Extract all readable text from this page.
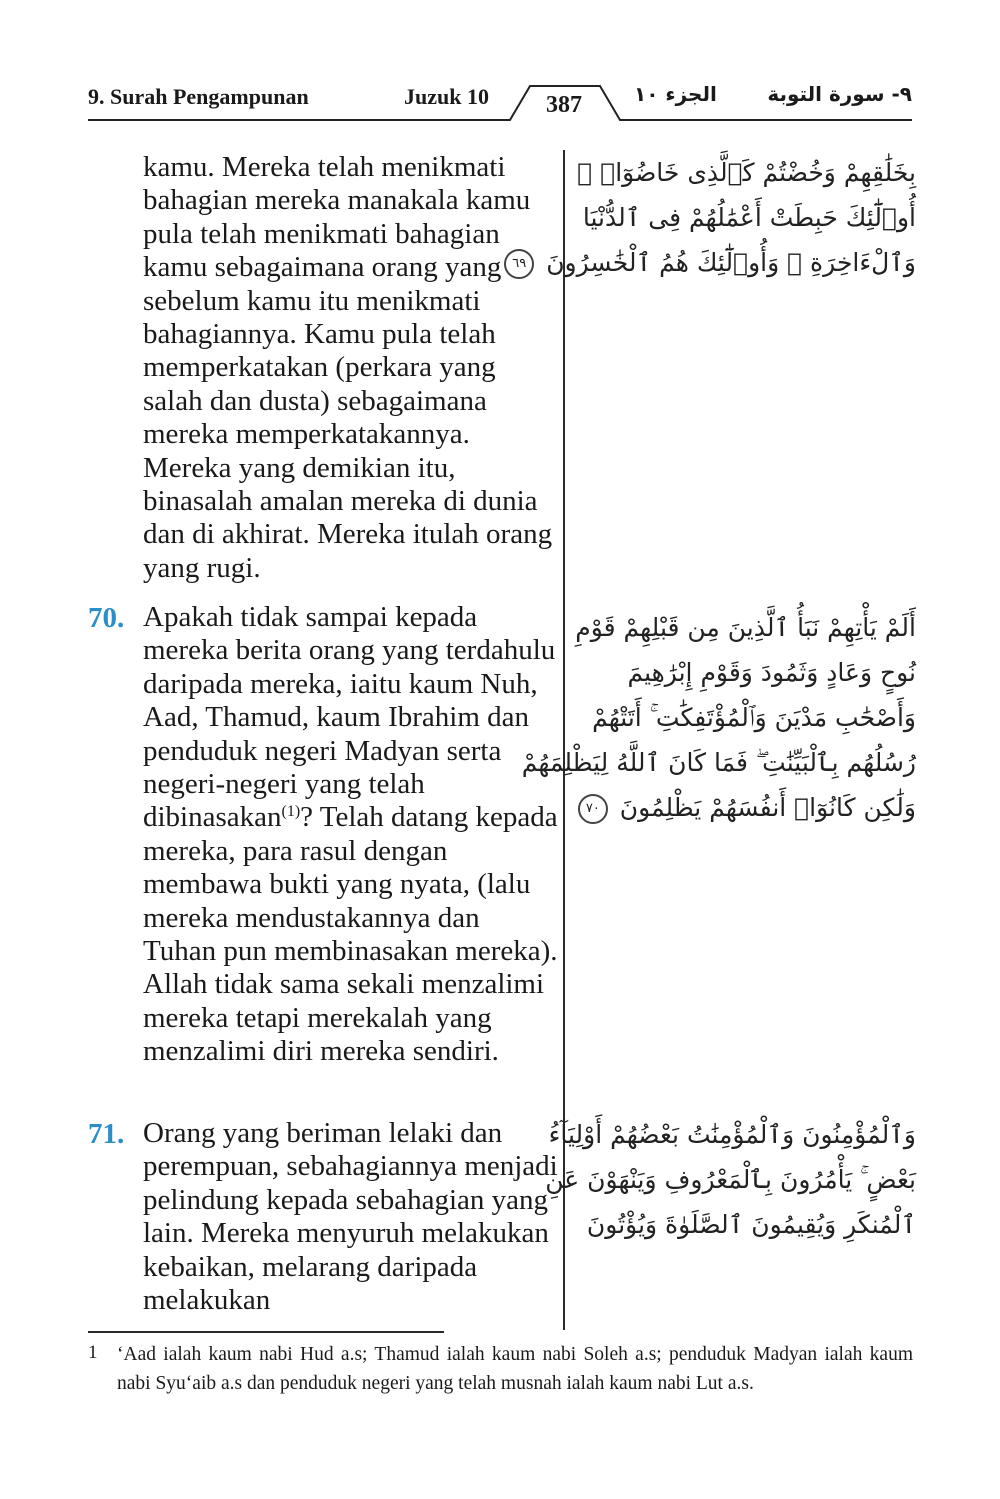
9. Surah Pengampunan	Juzuk 10	387	الجزء ١٠	٩- سورة التوبة

kamu. Mereka telah menikmati bahagian mereka manakala kamu pula telah menikmati bahagian kamu sebagaimana orang yang sebelum kamu itu menikmati bahagiannya. Kamu pula telah memperkatakan (perkara yang salah dan dusta) sebagaimana mereka memperkatakannya. Mereka yang demikian itu, binasalah amalan mereka di dunia dan di akhirat. Mereka itulah orang yang rugi.

بِخَلَٰقِهِمْ وَخُضْتُمْ كَٱلَّذِى خَاضُوٓا۟ ۚ
أُو۟لَٰٓئِكَ حَبِطَتْ أَعْمَٰلُهُمْ فِى ٱلدُّنْيَا
وَٱلْءَاخِرَةِ ۖ وَأُو۟لَٰٓئِكَ هُمُ ٱلْخَٰسِرُونَ ٦٩
70. Apakah tidak sampai kepada mereka berita orang yang terdahulu daripada mereka, iaitu kaum Nuh, Aad, Thamud, kaum Ibrahim dan penduduk negeri Madyan serta negeri-negeri yang telah dibinasakan$^{(1)}$? Telah datang kepada mereka, para rasul dengan membawa bukti yang nyata, (lalu mereka mendustakannya dan Tuhan pun membinasakan mereka). Allah tidak sama sekali menzalimi mereka tetapi merekalah yang menzalimi diri mereka sendiri.

أَلَمْ يَأْتِهِمْ نَبَأُ ٱلَّذِينَ مِن قَبْلِهِمْ قَوْمِ
نُوحٍ وَعَادٍ وَثَمُودَ وَقَوْمِ إِبْرَٰهِيمَ
وَأَصْحَٰبِ مَدْيَنَ وَٱلْمُؤْتَفِكَٰتِ ۚ أَتَتْهُمْ
رُسُلُهُم بِٱلْبَيِّنَٰتِ ۖ فَمَا كَانَ ٱللَّهُ لِيَظْلِمَهُمْ
وَلَٰكِن كَانُوٓا۟ أَنفُسَهُمْ يَظْلِمُونَ ٧٠
71. Orang yang beriman lelaki dan perempuan, sebahagiannya menjadi pelindung kepada sebahagian yang lain. Mereka menyuruh melakukan kebaikan, melarang daripada melakukan

وَٱلْمُؤْمِنُونَ وَٱلْمُؤْمِنَٰتُ بَعْضُهُمْ أَوْلِيَآءُ
بَعْضٍ ۚ يَأْمُرُونَ بِٱلْمَعْرُوفِ وَيَنْهَوْنَ عَنِ
ٱلْمُنكَرِ وَيُقِيمُونَ ٱلصَّلَوٰةَ وَيُؤْتُونَ
1 ‘Aad ialah kaum nabi Hud a.s; Thamud ialah kaum nabi Soleh a.s; penduduk Madyan ialah kaum nabi Syu‘aib a.s dan penduduk negeri yang telah musnah ialah kaum nabi Lut a.s.
